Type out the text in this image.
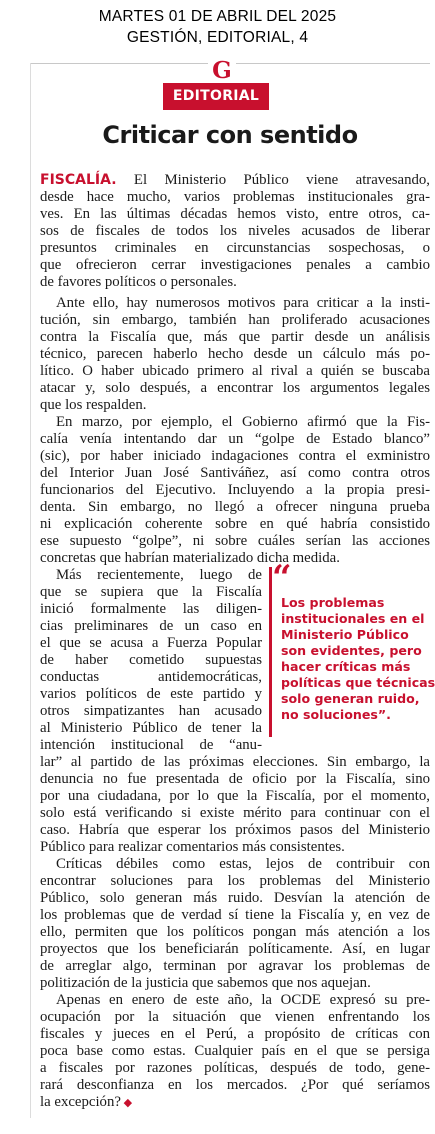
MARTES 01 DE ABRIL DEL 2025
GESTIÓN, EDITORIAL, 4
G
EDITORIAL
Criticar con sentido
FISCALÍA. El Ministerio Público viene atravesando,
desde hace mucho, varios problemas institucionales gra-
ves. En las últimas décadas hemos visto, entre otros, ca-
sos de fiscales de todos los niveles acusados de liberar
presuntos criminales en circunstancias sospechosas, o
que ofrecieron cerrar investigaciones penales a cambio
de favores políticos o personales.
Ante ello, hay numerosos motivos para criticar a la insti-
tución, sin embargo, también han proliferado acusaciones
contra la Fiscalía que, más que partir desde un análisis
técnico, parecen haberlo hecho desde un cálculo más po-
lítico. O haber ubicado primero al rival a quién se buscaba
atacar y, solo después, a encontrar los argumentos legales
que los respalden.
En marzo, por ejemplo, el Gobierno afirmó que la Fis-
calía venía intentando dar un “golpe de Estado blanco”
(sic), por haber iniciado indagaciones contra el exministro
del Interior Juan José Santiváñez, así como contra otros
funcionarios del Ejecutivo. Incluyendo a la propia presi-
denta. Sin embargo, no llegó a ofrecer ninguna prueba
ni explicación coherente sobre en qué habría consistido
ese supuesto “golpe”, ni sobre cuáles serían las acciones
concretas que habrían materializado dicha medida.
Más recientemente, luego de
que se supiera que la Fiscalía
inició formalmente las diligen-
cias preliminares de un caso en
el que se acusa a Fuerza Popular
de haber cometido supuestas
conductas antidemocráticas,
varios políticos de este partido y
otros simpatizantes han acusado
al Ministerio Público de tener la
intención institucional de “anu-
lar” al partido de las próximas elecciones. Sin embargo, la
denuncia no fue presentada de oficio por la Fiscalía, sino
por una ciudadana, por lo que la Fiscalía, por el momento,
solo está verificando si existe mérito para continuar con el
caso. Habría que esperar los próximos pasos del Ministerio
Público para realizar comentarios más consistentes.
Críticas débiles como estas, lejos de contribuir con
encontrar soluciones para los problemas del Ministerio
Público, solo generan más ruido. Desvían la atención de
los problemas que de verdad sí tiene la Fiscalía y, en vez de
ello, permiten que los políticos pongan más atención a los
proyectos que los beneficiarán políticamente. Así, en lugar
de arreglar algo, terminan por agravar los problemas de
politización de la justicia que sabemos que nos aquejan.
Apenas en enero de este año, la OCDE expresó su pre-
ocupación por la situación que vienen enfrentando los
fiscales y jueces en el Perú, a propósito de críticas con
poca base como estas. Cualquier país en el que se persiga
a fiscales por razones políticas, después de todo, gene-
rará desconfianza en los mercados. ¿Por qué seríamos
la excepción? ◆
“
Los problemas
institucionales en el
Ministerio Público
son evidentes, pero
hacer críticas más
políticas que técnicas
solo generan ruido,
no soluciones”.
